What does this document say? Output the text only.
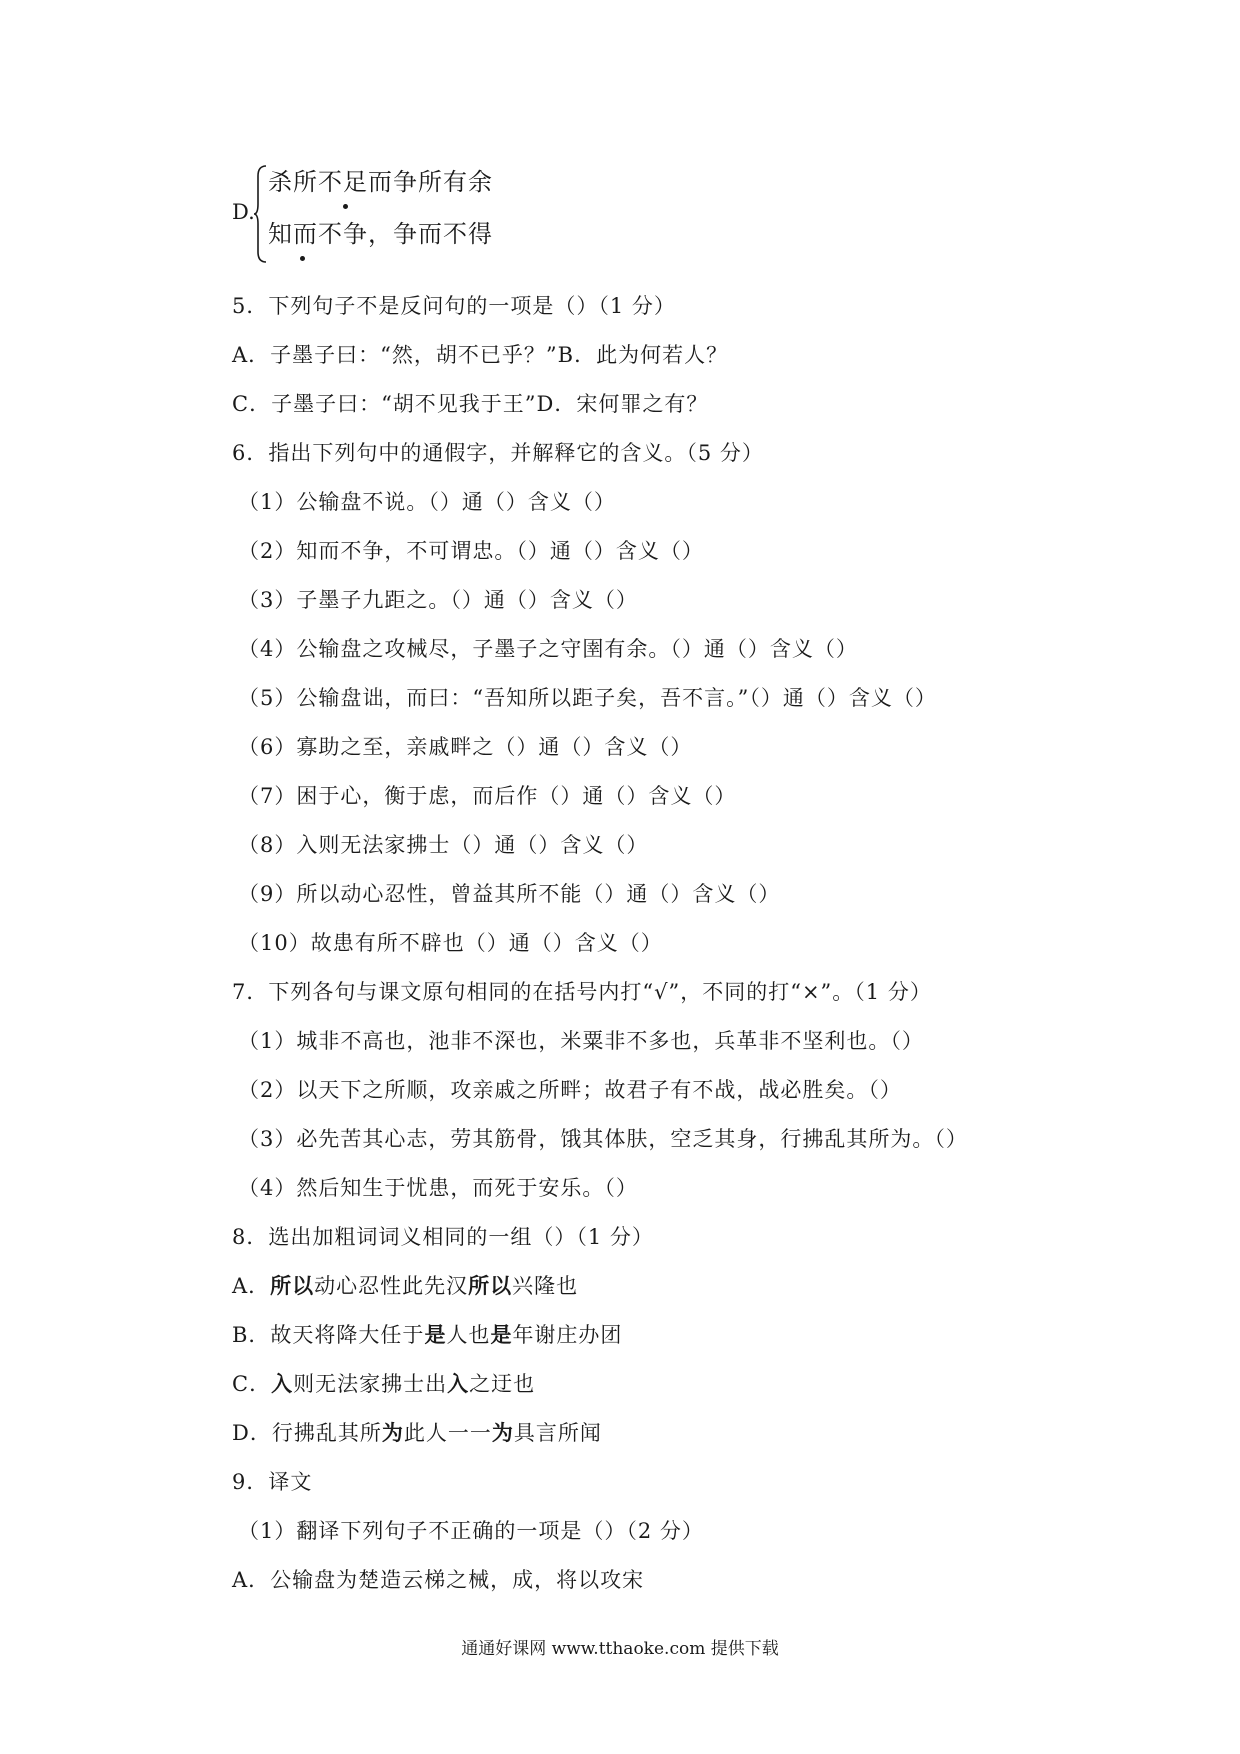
D.
杀所不足而争所有余
知而不争，争而不得
5．下列句子不是反问句的一项是（）（1 分）
A．子墨子曰：“然，胡不已乎？”B．此为何若人？
C．子墨子曰：“胡不见我于王”D．宋何罪之有？
6．指出下列句中的通假字，并解释它的含义。（5 分）
（1）公输盘不说。（）通（）含义（）
（2）知而不争，不可谓忠。（）通（）含义（）
（3）子墨子九距之。（）通（）含义（）
（4）公输盘之攻械尽，子墨子之守圉有余。（）通（）含义（）
（5）公输盘诎，而曰：“吾知所以距子矣，吾不言。”（）通（）含义（）
（6）寡助之至，亲戚畔之（）通（）含义（）
（7）困于心，衡于虑，而后作（）通（）含义（）
（8）入则无法家拂士（）通（）含义（）
（9）所以动心忍性，曾益其所不能（）通（）含义（）
（10）故患有所不辟也（）通（）含义（）
7．下列各句与课文原句相同的在括号内打“√”，不同的打“×”。（1 分）
（1）城非不高也，池非不深也，米粟非不多也，兵革非不坚利也。（）
（2）以天下之所顺，攻亲戚之所畔；故君子有不战，战必胜矣。（）
（3）必先苦其心志，劳其筋骨，饿其体肤，空乏其身，行拂乱其所为。（）
（4）然后知生于忧患，而死于安乐。（）
8．选出加粗词词义相同的一组（）（1 分）
A．所以动心忍性此先汉所以兴隆也
B．故天将降大任于是人也是年谢庄办团
C．入则无法家拂士出入之迂也
D．行拂乱其所为此人一一为具言所闻
9．译文
（1）翻译下列句子不正确的一项是（）（2 分）
A．公输盘为楚造云梯之械，成，将以攻宋
通通好课网 www.tthaoke.com 提供下载
